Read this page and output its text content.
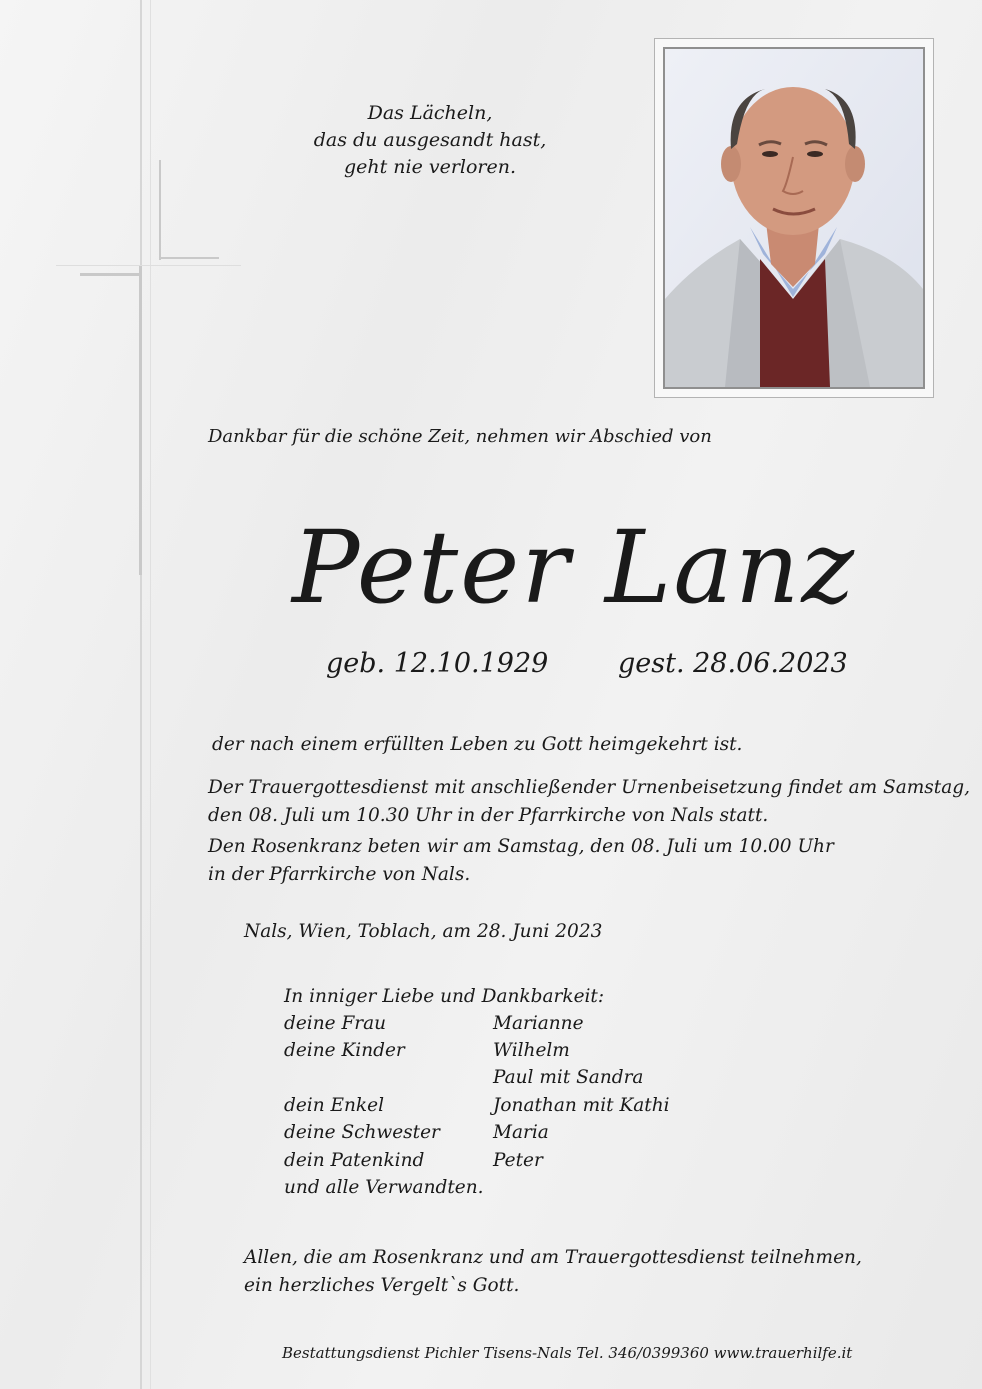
Das Lächeln,
das du ausgesandt hast,
geht nie verloren.
Dankbar für die schöne Zeit, nehmen wir Abschied von
Peter Lanz
geb. 12.10.1929	gest. 28.06.2023
der nach einem erfüllten Leben zu Gott heimgekehrt ist.
Der Trauergottesdienst mit anschließender Urnenbeisetzung findet am Samstag,
den 08. Juli um 10.30 Uhr in der Pfarrkirche von Nals statt.
Den Rosenkranz beten wir am Samstag, den 08. Juli um 10.00 Uhr
in der Pfarrkirche von Nals.
Nals, Wien, Toblach, am 28. Juni 2023
In inniger Liebe und Dankbarkeit:
deine Frau	Marianne
deine Kinder	Wilhelm
Paul mit Sandra
dein Enkel	Jonathan mit Kathi
deine Schwester	Maria
dein Patenkind	Peter
und alle Verwandten.
Allen, die am Rosenkranz und am Trauergottesdienst teilnehmen,
ein herzliches Vergelt`s Gott.
Bestattungsdienst Pichler Tisens-Nals Tel. 346/0399360 www.trauerhilfe.it
